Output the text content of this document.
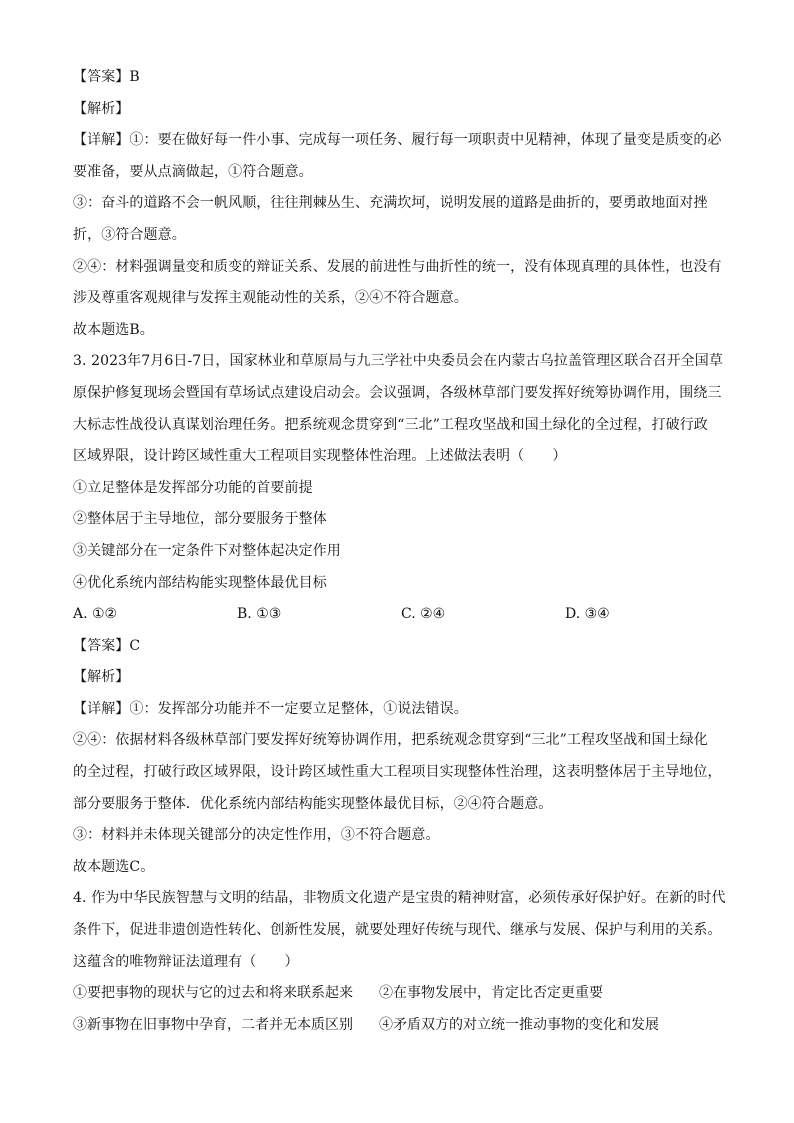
【答案】B
【解析】
【详解】①：要在做好每一件小事、完成每一项任务、履行每一项职责中见精神，体现了量变是质变的必
要准备，要从点滴做起，①符合题意。
③：奋斗的道路不会一帆风顺，往往荆棘丛生、充满坎坷，说明发展的道路是曲折的，要勇敢地面对挫
折，③符合题意。
②④：材料强调量变和质变的辩证关系、发展的前进性与曲折性的统一，没有体现真理的具体性，也没有
涉及尊重客观规律与发挥主观能动性的关系，②④不符合题意。
故本题选B。
3. 2023年7月6日-7日，国家林业和草原局与九三学社中央委员会在内蒙古乌拉盖管理区联合召开全国草
原保护修复现场会暨国有草场试点建设启动会。会议强调，各级林草部门要发挥好统筹协调作用，围绕三
大标志性战役认真谋划治理任务。把系统观念贯穿到“三北”工程攻坚战和国土绿化的全过程，打破行政
区域界限，设计跨区域性重大工程项目实现整体性治理。上述做法表明（　　）
①立足整体是发挥部分功能的首要前提
②整体居于主导地位，部分要服务于整体
③关键部分在一定条件下对整体起决定作用
④优化系统内部结构能实现整体最优目标
A. ①②	B. ①③	C. ②④	D. ③④
【答案】C
【解析】
【详解】①：发挥部分功能并不一定要立足整体，①说法错误。
②④：依据材料各级林草部门要发挥好统筹协调作用，把系统观念贯穿到“三北”工程攻坚战和国土绿化
的全过程，打破行政区域界限，设计跨区域性重大工程项目实现整体性治理，这表明整体居于主导地位，
部分要服务于整体．优化系统内部结构能实现整体最优目标，②④符合题意。
③：材料并未体现关键部分的决定性作用，③不符合题意。
故本题选C。
4. 作为中华民族智慧与文明的结晶，非物质文化遗产是宝贵的精神财富，必须传承好保护好。在新的时代
条件下，促进非遗创造性转化、创新性发展，就要处理好传统与现代、继承与发展、保护与利用的关系。
这蕴含的唯物辩证法道理有（　　）
①要把事物的现状与它的过去和将来联系起来	②在事物发展中，肯定比否定更重要
③新事物在旧事物中孕育，二者并无本质区别	④矛盾双方的对立统一推动事物的变化和发展
